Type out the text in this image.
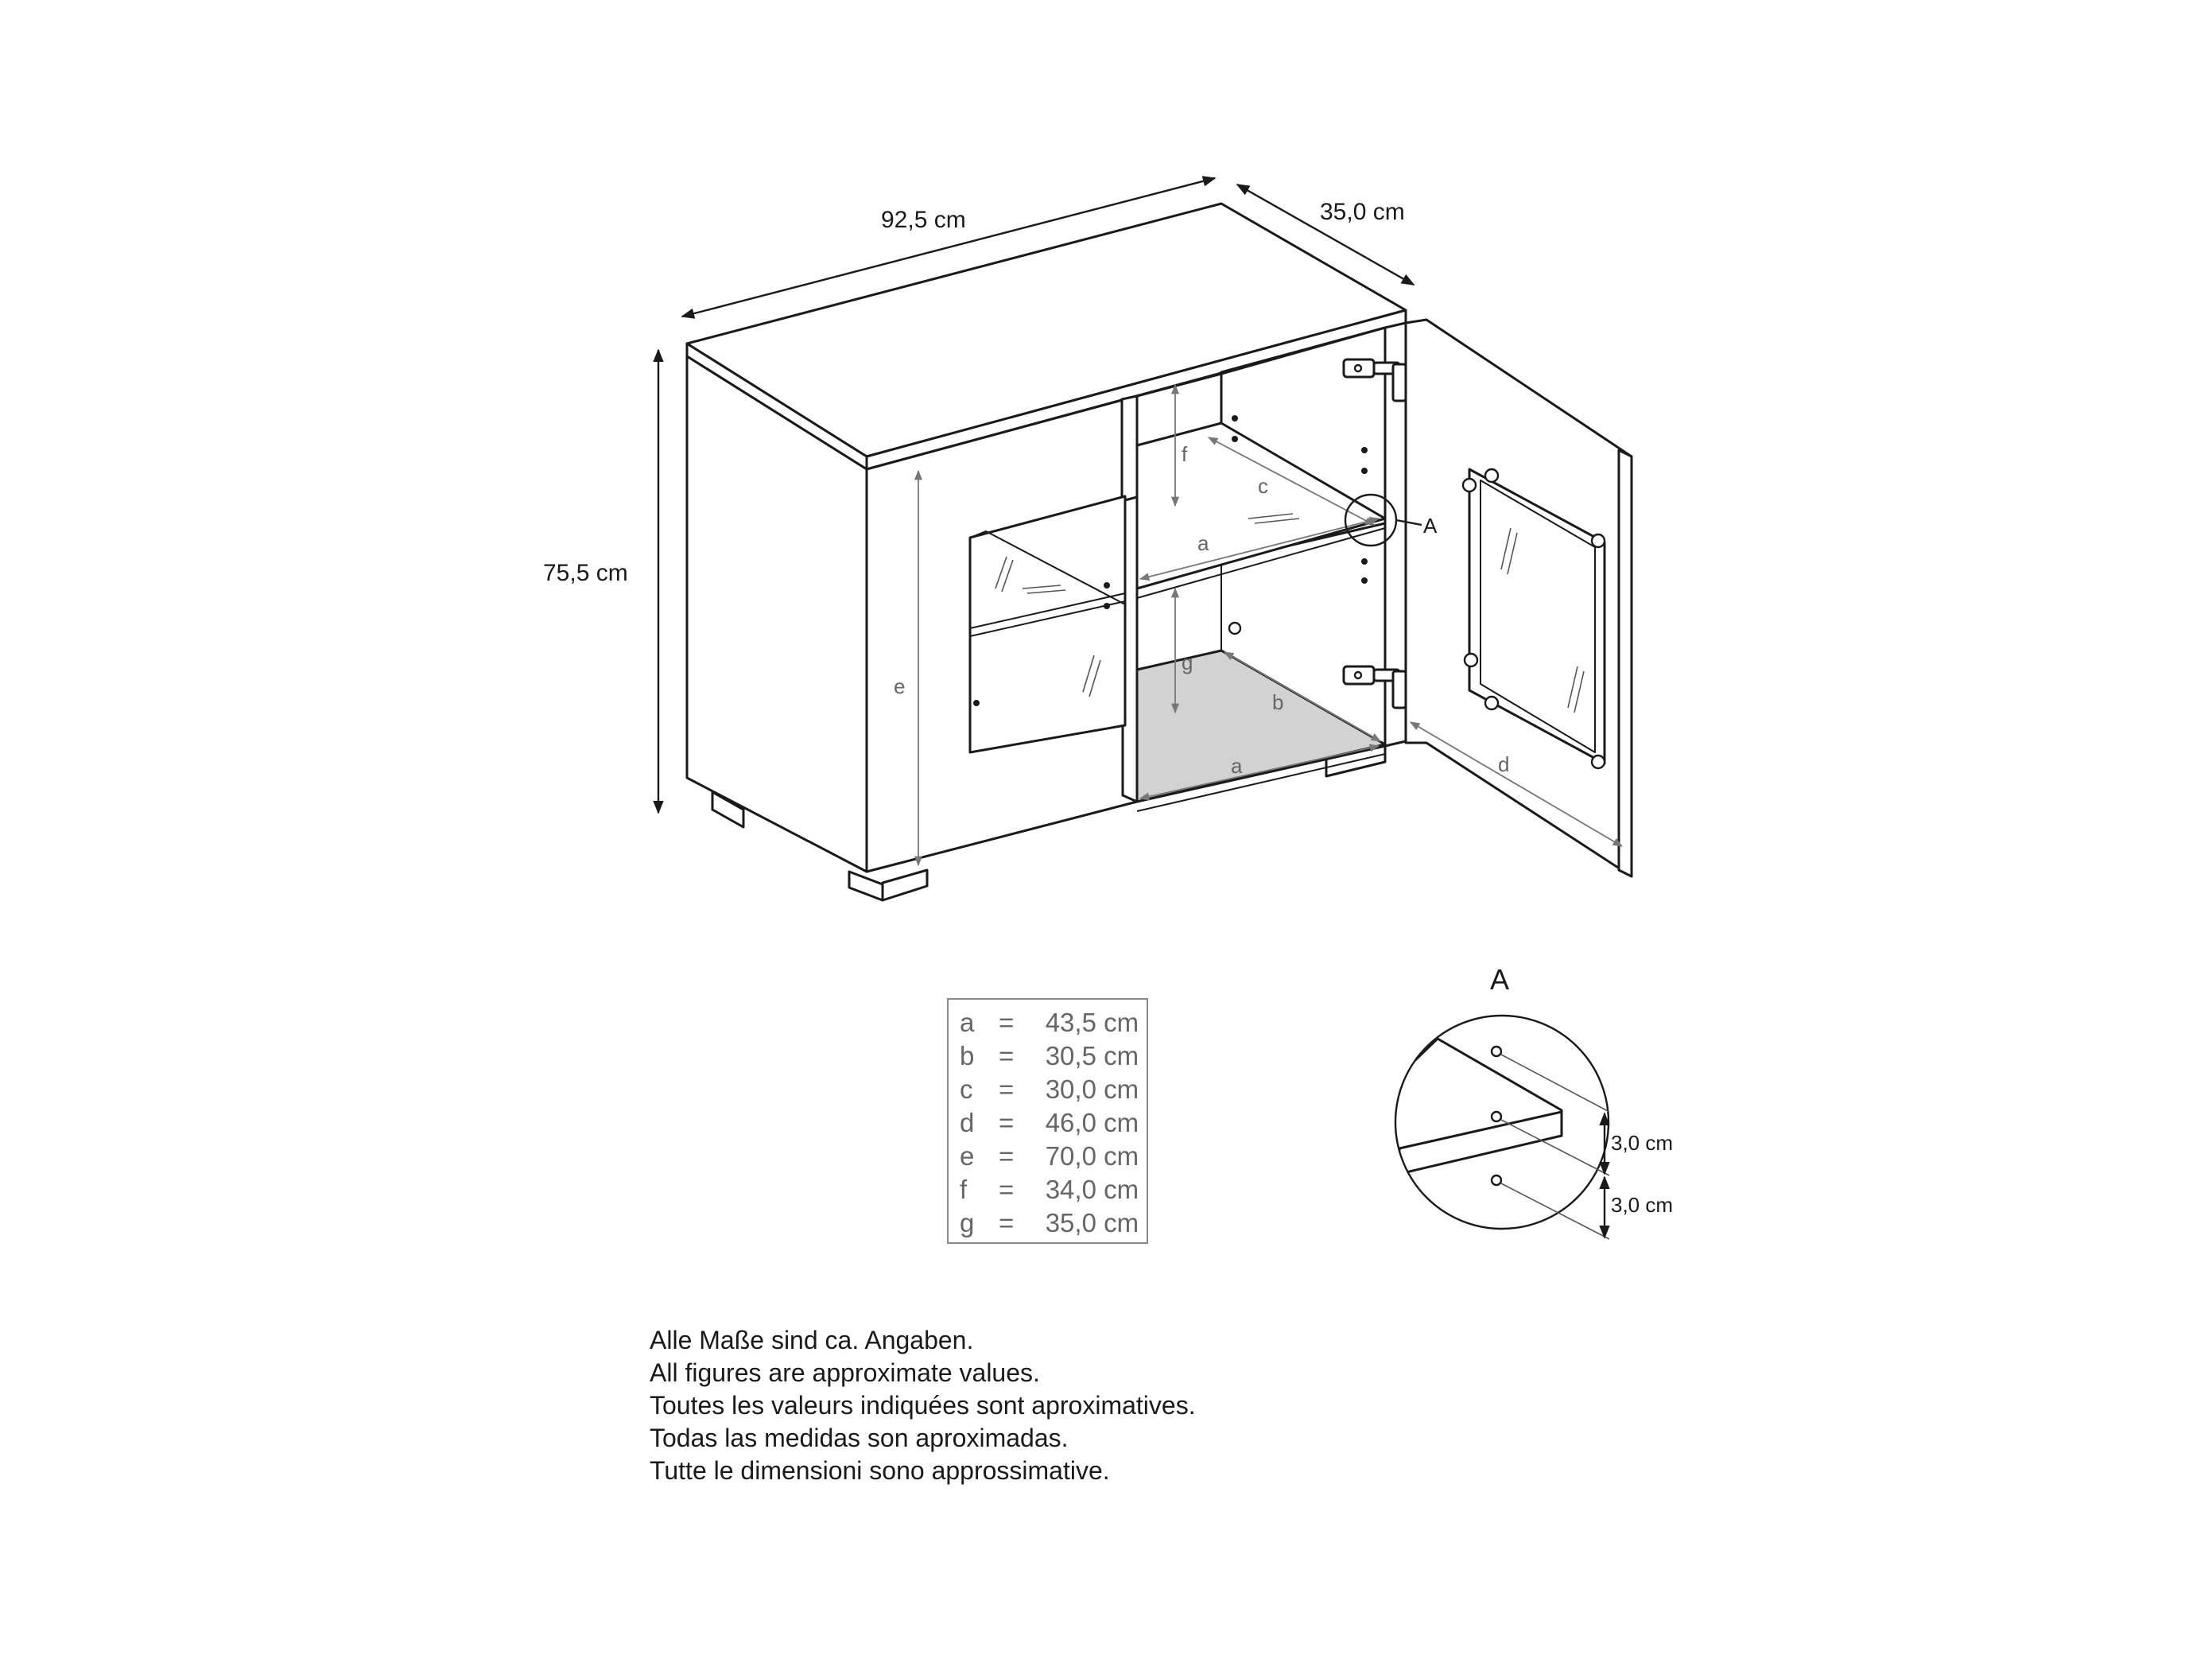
92,5 cm	35,0 cm
75,5 cm
e
f
g
a
c
b
a	d
A
A
3,0 cm
3,0 cm
a =	43,5 cm
b =	30,5 cm
c =	30,0 cm
d =	46,0 cm
e =	70,0 cm
f	=	34,0 cm
g =	35,0 cm
Alle Maße sind ca. Angaben.
All figures are approximate values.
Toutes les valeurs indiquées sont aproximatives.
Todas las medidas son aproximadas.
Tutte le dimensioni sono approssimative.
